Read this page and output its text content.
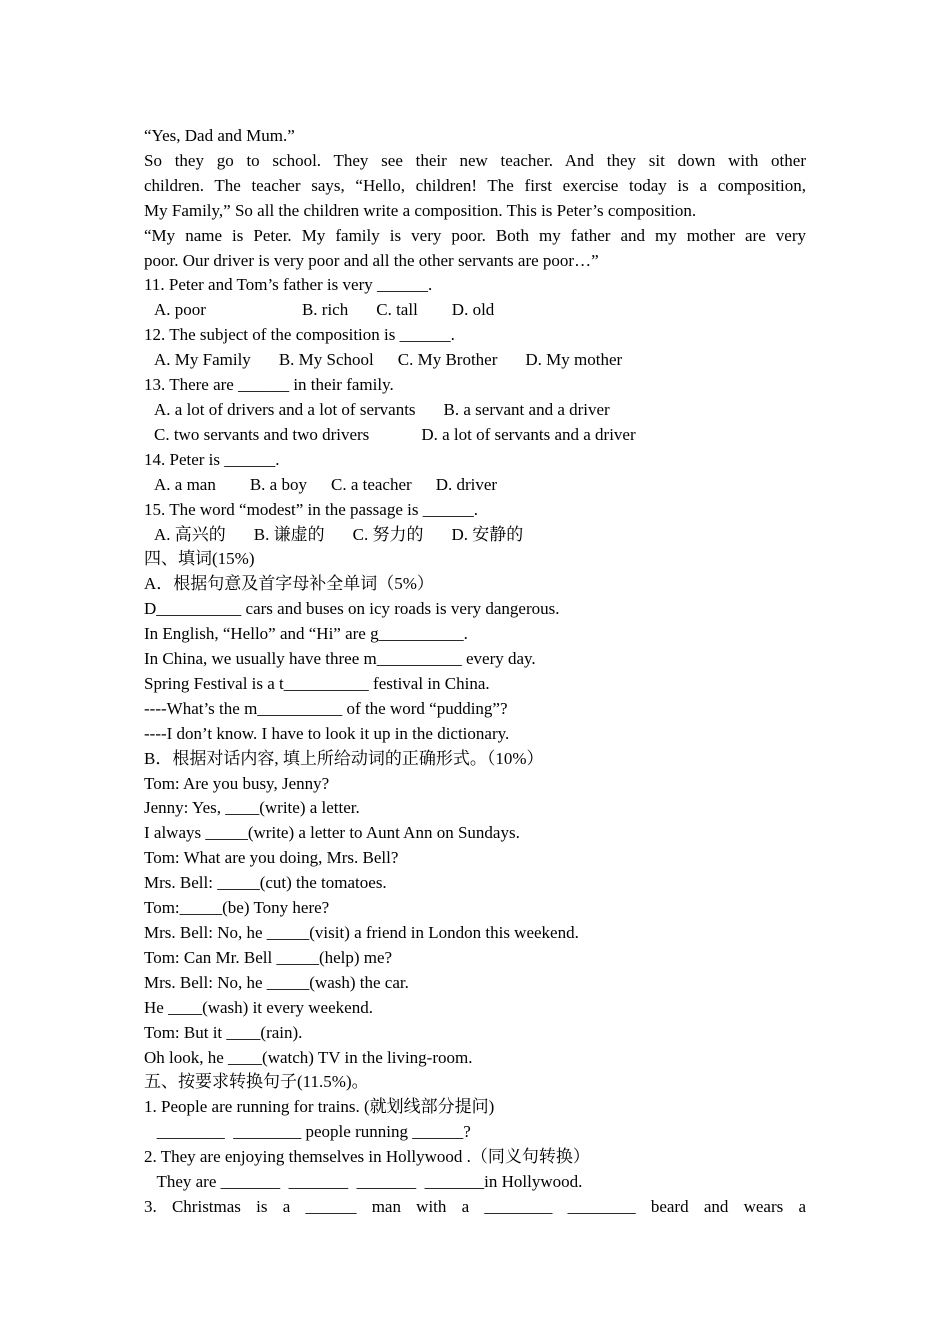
“Yes, Dad and Mum.”
So they go to school. They see their new teacher. And they sit down with other
children. The teacher says, “Hello, children! The first exercise today is a composition,
My Family,” So all the children write a composition. This is Peter’s composition.
“My name is Peter. My family is very poor. Both my father and my mother are very
poor. Our driver is very poor and all the other servants are poor…”
11. Peter and Tom’s father is very ______.
A. poor	B. rich C. tall D. old
12. The subject of the composition is ______.
A. My Family B. My School C. My Brother D. My mother
13. There are ______ in their family.
A. a lot of drivers and a lot of servants B. a servant and a driver
C. two servants and two drivers	D. a lot of servants and a driver
14. Peter is ______.
A. a man B. a boy C. a teacher D. driver
15. The word “modest” in the passage is ______.
A. 高兴的 B. 谦虚的 C. 努力的 D. 安静的
四、填词(15%)
A．根据句意及首字母补全单词（5%）
D__________ cars and buses on icy roads is very dangerous.
In English, “Hello” and “Hi” are g__________.
In China, we usually have three m__________ every day.
Spring Festival is a t__________ festival in China.
----What’s the m__________ of the word “pudding”?
----I don’t know. I have to look it up in the dictionary.
B．根据对话内容, 填上所给动词的正确形式。（10%）
Tom: Are you busy, Jenny?
Jenny: Yes, ____(write) a letter.
I always _____(write) a letter to Aunt Ann on Sundays.
Tom: What are you doing, Mrs. Bell?
Mrs. Bell: _____(cut) the tomatoes.
Tom:_____(be) Tony here?
Mrs. Bell: No, he _____(visit) a friend in London this weekend.
Tom: Can Mr. Bell _____(help) me?
Mrs. Bell: No, he _____(wash) the car.
He ____(wash) it every weekend.
Tom: But it ____(rain).
Oh look, he ____(watch) TV in the living-room.
五、按要求转换句子(11.5%)。
1. People are running for trains. (就划线部分提问)
________  ________ people running ______?
2. They are enjoying themselves in Hollywood .（同义句转换）
They are _______  _______  _______  _______in Hollywood.
3. Christmas is a ______ man with a ________ ________ beard and wears a
